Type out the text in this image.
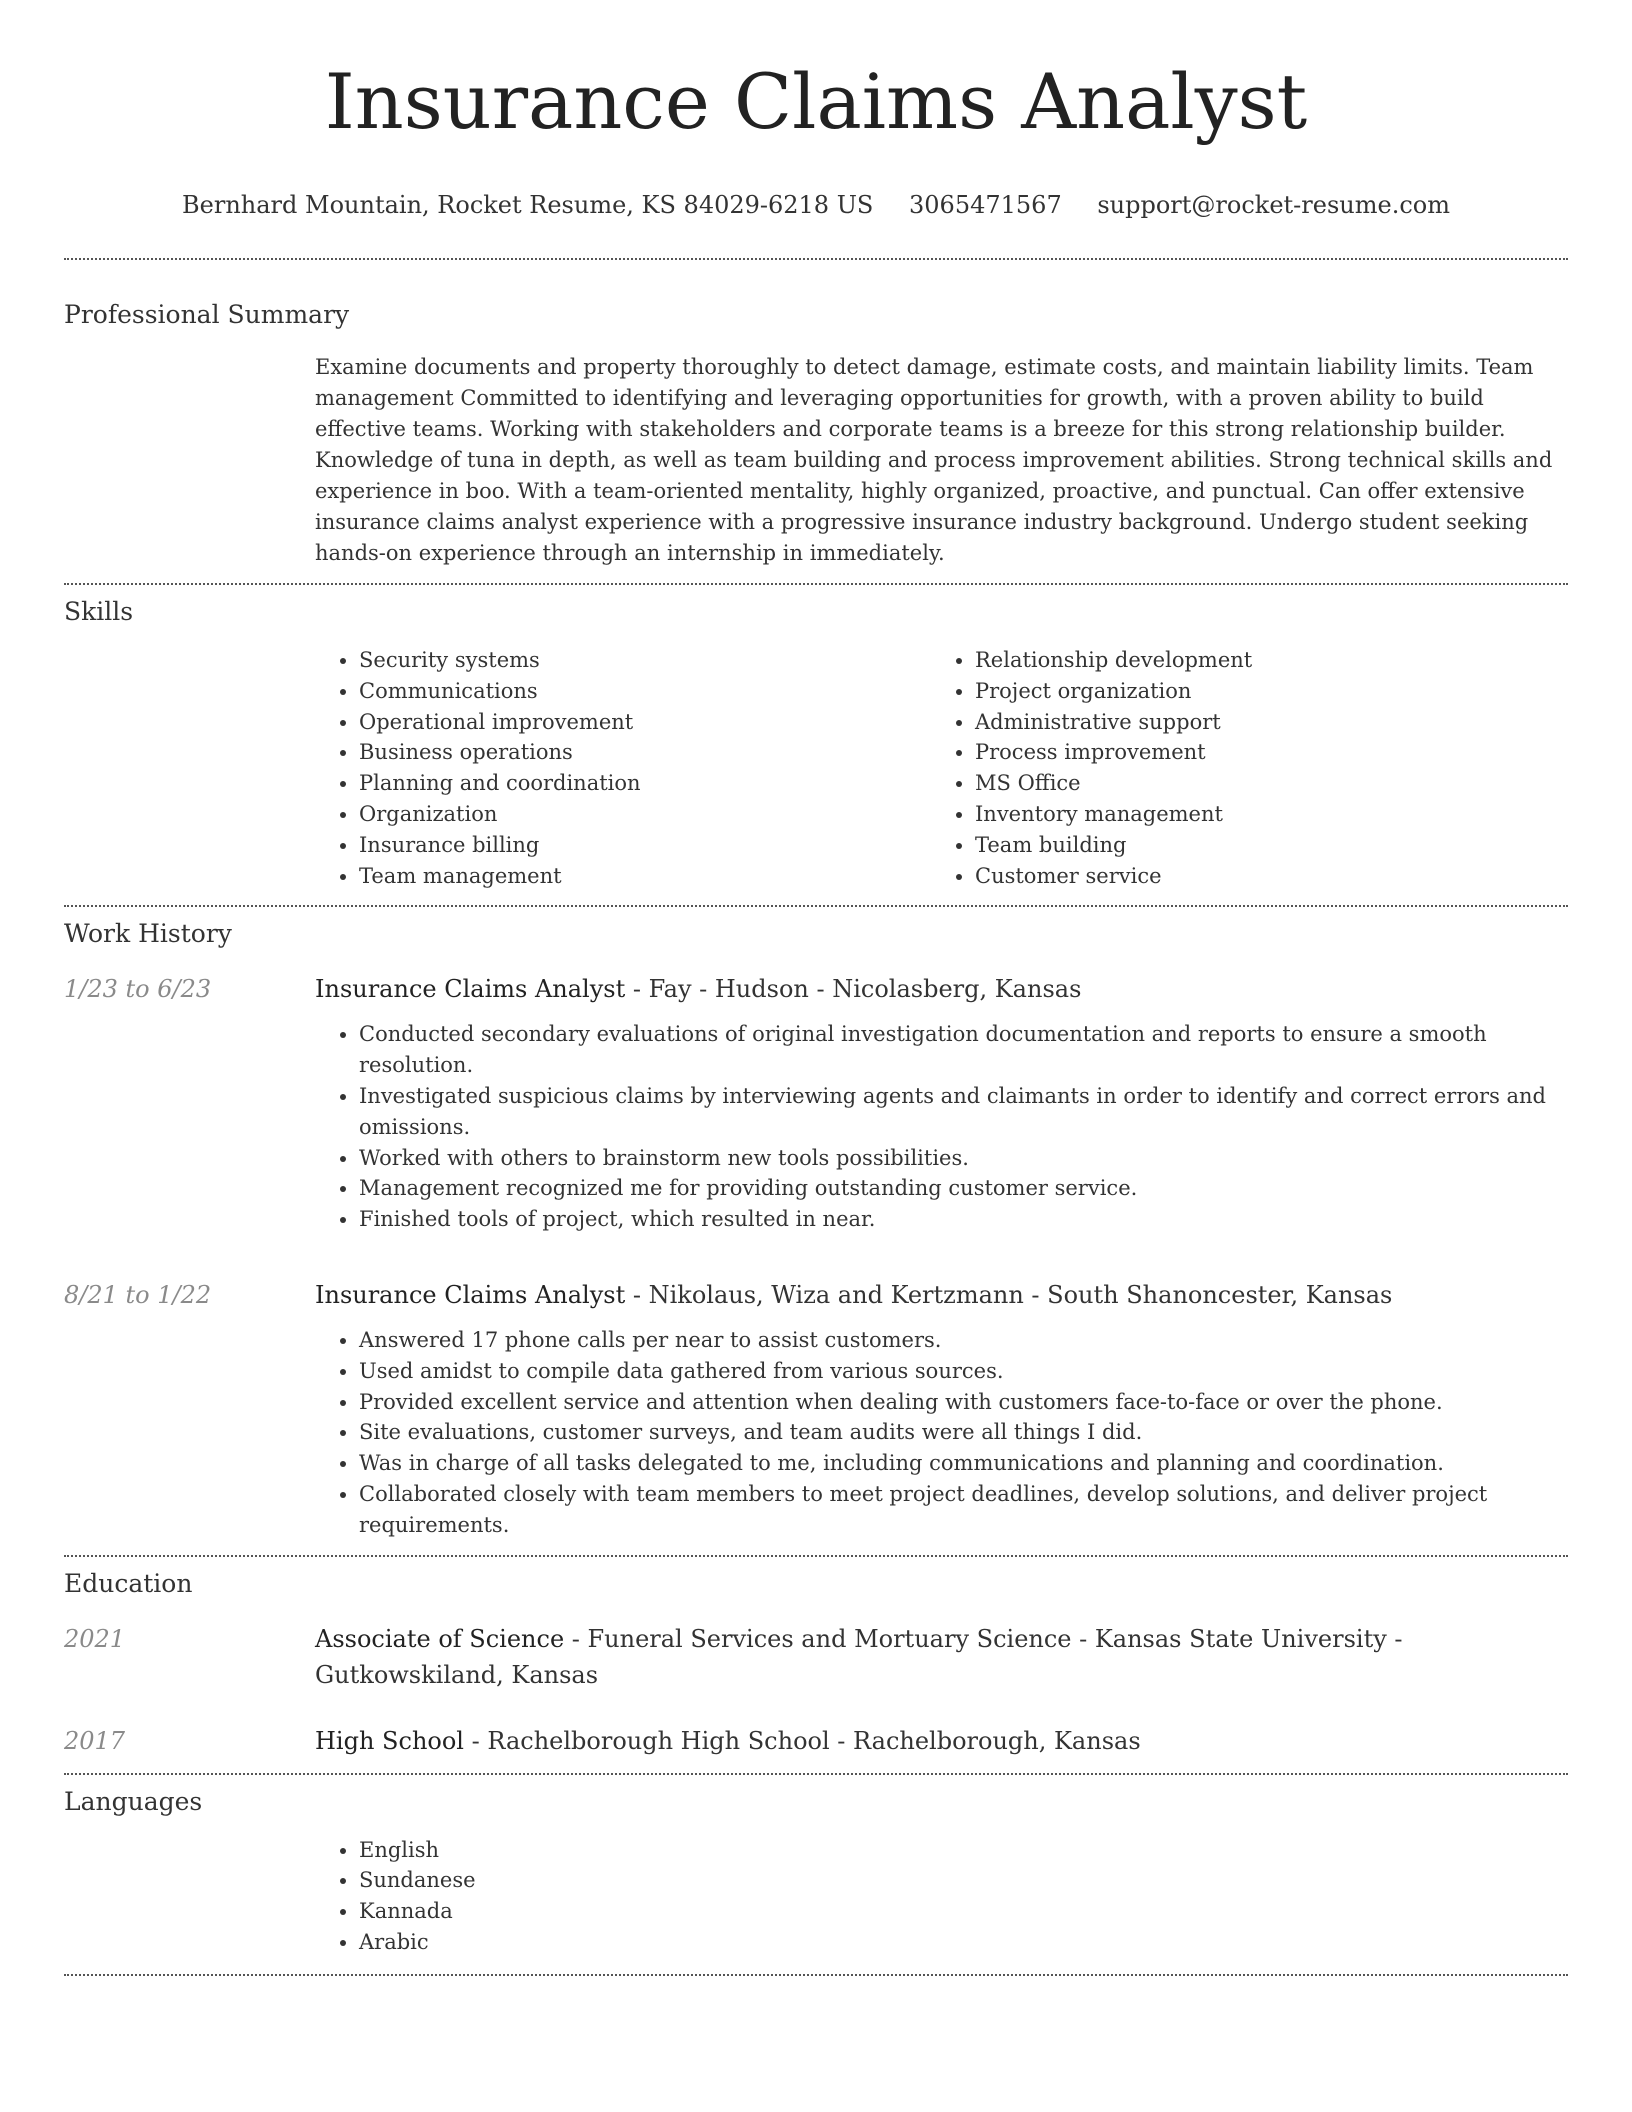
Insurance Claims Analyst
Bernhard Mountain, Rocket Resume, KS 84029-6218 US 3065471567 support@rocket-resume.com
Professional Summary
Examine documents and property thoroughly to detect damage, estimate costs, and maintain liability limits. Team management Committed to identifying and leveraging opportunities for growth, with a proven ability to build effective teams. Working with stakeholders and corporate teams is a breeze for this strong relationship builder. Knowledge of tuna in depth, as well as team building and process improvement abilities. Strong technical skills and experience in boo. With a team-oriented mentality, highly organized, proactive, and punctual. Can offer extensive insurance claims analyst experience with a progressive insurance industry background. Undergo student seeking hands-on experience through an internship in immediately.
Skills
• Security systems
• Communications
• Operational improvement
• Business operations
• Planning and coordination
• Organization
• Insurance billing
• Team management
• Relationship development
• Project organization
• Administrative support
• Process improvement
• MS Office
• Inventory management
• Team building
• Customer service
Work History
1/23 to 6/23	Insurance Claims Analyst - Fay - Hudson - Nicolasberg, Kansas
• Conducted secondary evaluations of original investigation documentation and reports to ensure a smooth resolution.
• Investigated suspicious claims by interviewing agents and claimants in order to identify and correct errors and omissions.
• Worked with others to brainstorm new tools possibilities.
• Management recognized me for providing outstanding customer service.
• Finished tools of project, which resulted in near.
8/21 to 1/22	Insurance Claims Analyst - Nikolaus, Wiza and Kertzmann - South Shanoncester, Kansas
• Answered 17 phone calls per near to assist customers.
• Used amidst to compile data gathered from various sources.
• Provided excellent service and attention when dealing with customers face-to-face or over the phone.
• Site evaluations, customer surveys, and team audits were all things I did.
• Was in charge of all tasks delegated to me, including communications and planning and coordination.
• Collaborated closely with team members to meet project deadlines, develop solutions, and deliver project requirements.
Education
2021	Associate of Science - Funeral Services and Mortuary Science - Kansas State University - Gutkowskiland, Kansas
2017	High School - Rachelborough High School - Rachelborough, Kansas
Languages
• English
• Sundanese
• Kannada
• Arabic
